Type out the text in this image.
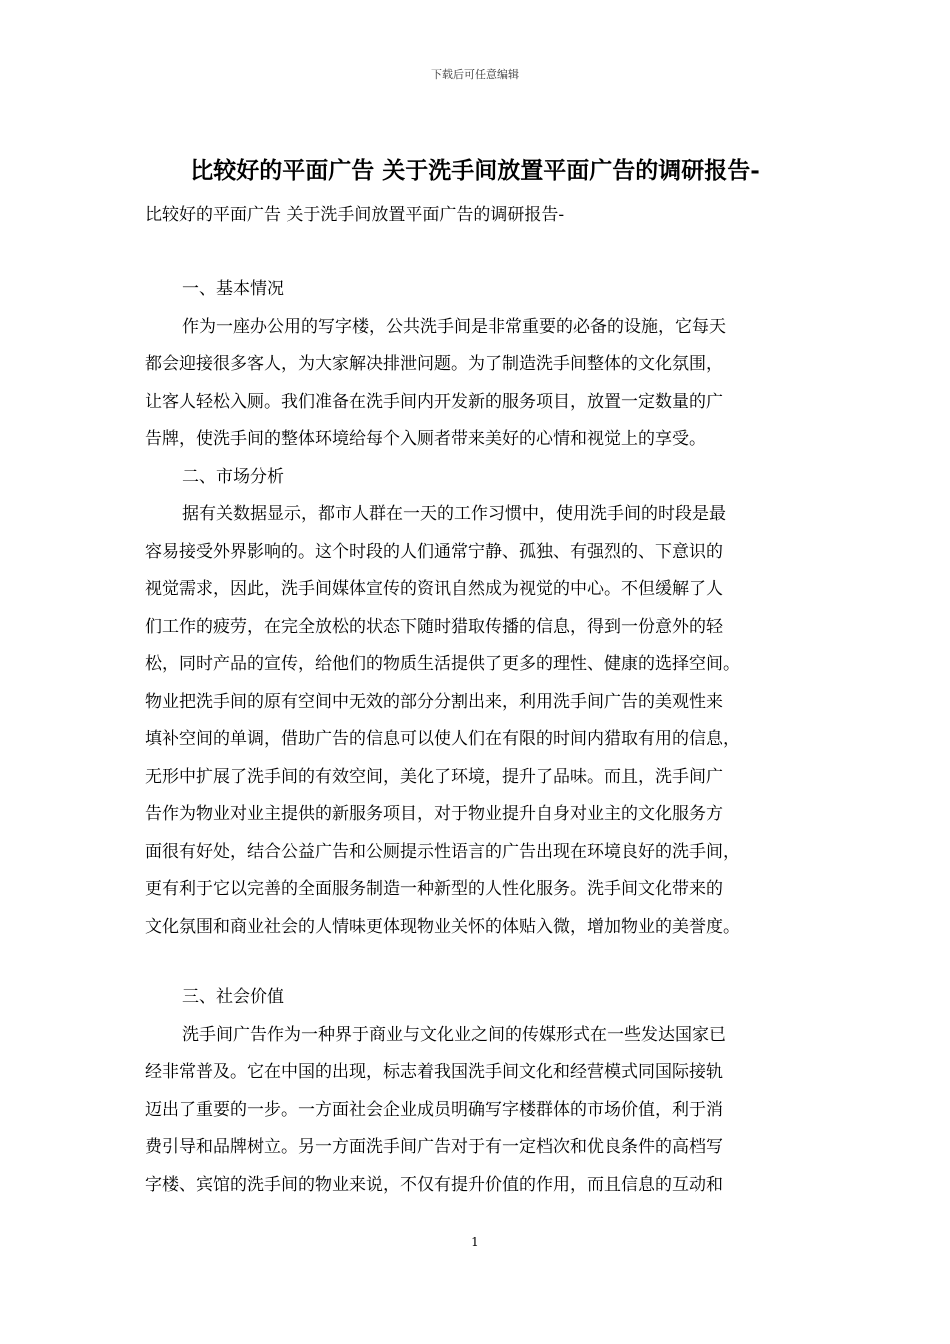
下载后可任意编辑
比较好的平面广告 关于洗手间放置平面广告的调研报告-

比较好的平面广告 关于洗手间放置平面广告的调研报告-

一、基本情况
作为一座办公用的写字楼，公共洗手间是非常重要的必备的设施，它每天
都会迎接很多客人，为大家解决排泄问题。为了制造洗手间整体的文化氛围，
让客人轻松入厕。我们准备在洗手间内开发新的服务项目，放置一定数量的广
告牌，使洗手间的整体环境给每个入厕者带来美好的心情和视觉上的享受。
二、市场分析
据有关数据显示，都市人群在一天的工作习惯中，使用洗手间的时段是最
容易接受外界影响的。这个时段的人们通常宁静、孤独、有强烈的、下意识的
视觉需求，因此，洗手间媒体宣传的资讯自然成为视觉的中心。不但缓解了人
们工作的疲劳，在完全放松的状态下随时猎取传播的信息，得到一份意外的轻
松，同时产品的宣传，给他们的物质生活提供了更多的理性、健康的选择空间。
物业把洗手间的原有空间中无效的部分分割出来，利用洗手间广告的美观性来
填补空间的单调，借助广告的信息可以使人们在有限的时间内猎取有用的信息，
无形中扩展了洗手间的有效空间，美化了环境，提升了品味。而且，洗手间广
告作为物业对业主提供的新服务项目，对于物业提升自身对业主的文化服务方
面很有好处，结合公益广告和公厕提示性语言的广告出现在环境良好的洗手间，
更有利于它以完善的全面服务制造一种新型的人性化服务。洗手间文化带来的
文化氛围和商业社会的人情味更体现物业关怀的体贴入微，增加物业的美誉度。
三、社会价值
洗手间广告作为一种界于商业与文化业之间的传媒形式在一些发达国家已
经非常普及。它在中国的出现，标志着我国洗手间文化和经营模式同国际接轨
迈出了重要的一步。一方面社会企业成员明确写字楼群体的市场价值，利于消
费引导和品牌树立。另一方面洗手间广告对于有一定档次和优良条件的高档写
字楼、宾馆的洗手间的物业来说，不仅有提升价值的作用，而且信息的互动和
1
